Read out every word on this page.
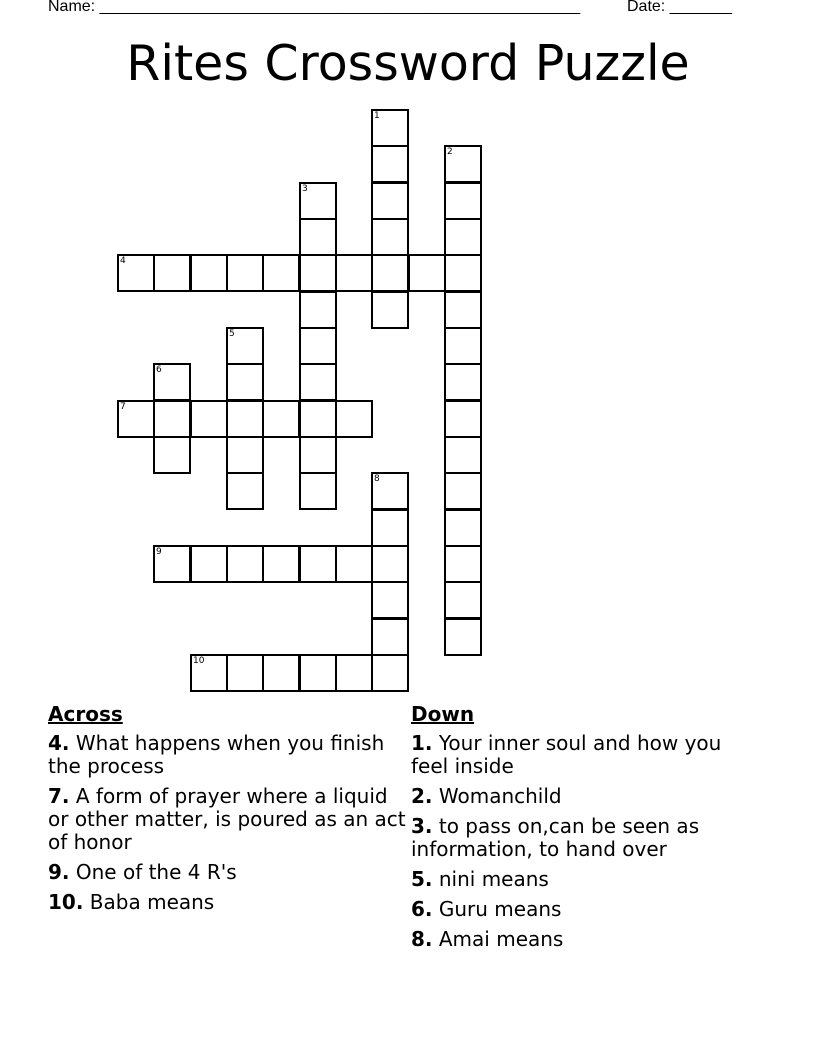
Name: ______________________________________________________	Date: _______
Rites Crossword Puzzle
1
2
3
4
5
6
7
8
9
10
Across
4. What happens when you finish the process
7. A form of prayer where a liquid or other matter, is poured as an act of honor
9. One of the 4 R's
10. Baba means
Down
1. Your inner soul and how you feel inside
2. Womanchild
3. to pass on,can be seen as information, to hand over
5. nini means
6. Guru means
8. Amai means
